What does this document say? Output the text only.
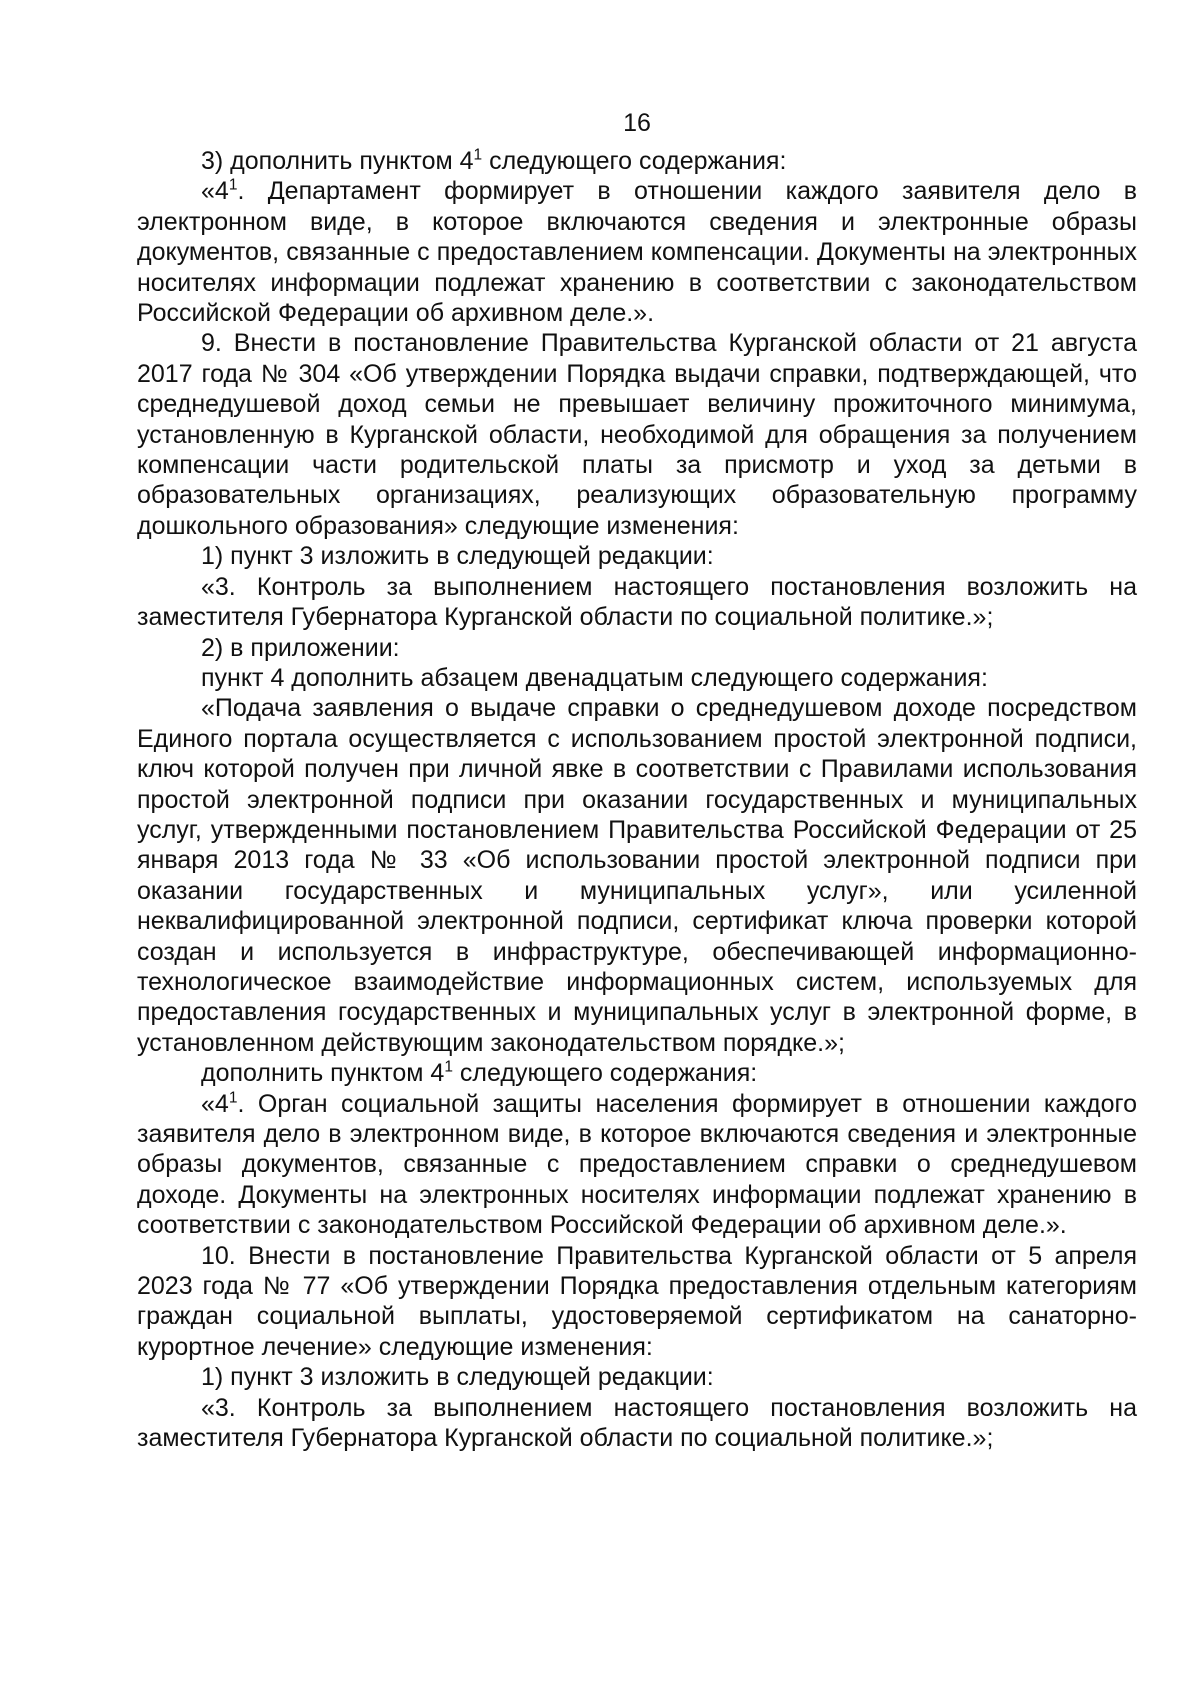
16

3) дополнить пунктом $4^1$ следующего содержания:

«$4^1$. Департамент формирует в отношении каждого заявителя дело в электронном виде, в которое включаются сведения и электронные образы документов, связанные с предоставлением компенсации. Документы на электронных носителях информации подлежат хранению в соответствии с законодательством Российской Федерации об архивном деле.».

9. Внести в постановление Правительства Курганской области от 21 августа 2017 года № 304 «Об утверждении Порядка выдачи справки, подтверждающей, что среднедушевой доход семьи не превышает величину прожиточного минимума, установленную в Курганской области, необходимой для обращения за получением компенсации части родительской платы за присмотр и уход за детьми в образовательных организациях, реализующих образовательную программу дошкольного образования» следующие изменения:

1) пункт 3 изложить в следующей редакции:

«3. Контроль за выполнением настоящего постановления возложить на заместителя Губернатора Курганской области по социальной политике.»;

2) в приложении:

пункт 4 дополнить абзацем двенадцатым следующего содержания:

«Подача заявления о выдаче справки о среднедушевом доходе посредством Единого портала осуществляется с использованием простой электронной подписи, ключ которой получен при личной явке в соответствии с Правилами использования простой электронной подписи при оказании государственных и муниципальных услуг, утвержденными постановлением Правительства Российской Федерации от 25 января 2013 года № 33 «Об использовании простой электронной подписи при оказании государственных и муниципальных услуг», или усиленной неквалифицированной электронной подписи, сертификат ключа проверки которой создан и используется в инфраструктуре, обеспечивающей информационно-технологическое взаимодействие информационных систем, используемых для предоставления государственных и муниципальных услуг в электронной форме, в установленном действующим законодательством порядке.»;

дополнить пунктом $4^1$ следующего содержания:

«$4^1$. Орган социальной защиты населения формирует в отношении каждого заявителя дело в электронном виде, в которое включаются сведения и электронные образы документов, связанные с предоставлением справки о среднедушевом доходе. Документы на электронных носителях информации подлежат хранению в соответствии с законодательством Российской Федерации об архивном деле.».

10. Внести в постановление Правительства Курганской области от 5 апреля 2023 года № 77 «Об утверждении Порядка предоставления отдельным категориям граждан социальной выплаты, удостоверяемой сертификатом на санаторно-курортное лечение» следующие изменения:

1) пункт 3 изложить в следующей редакции:

«3. Контроль за выполнением настоящего постановления возложить на заместителя Губернатора Курганской области по социальной политике.»;
